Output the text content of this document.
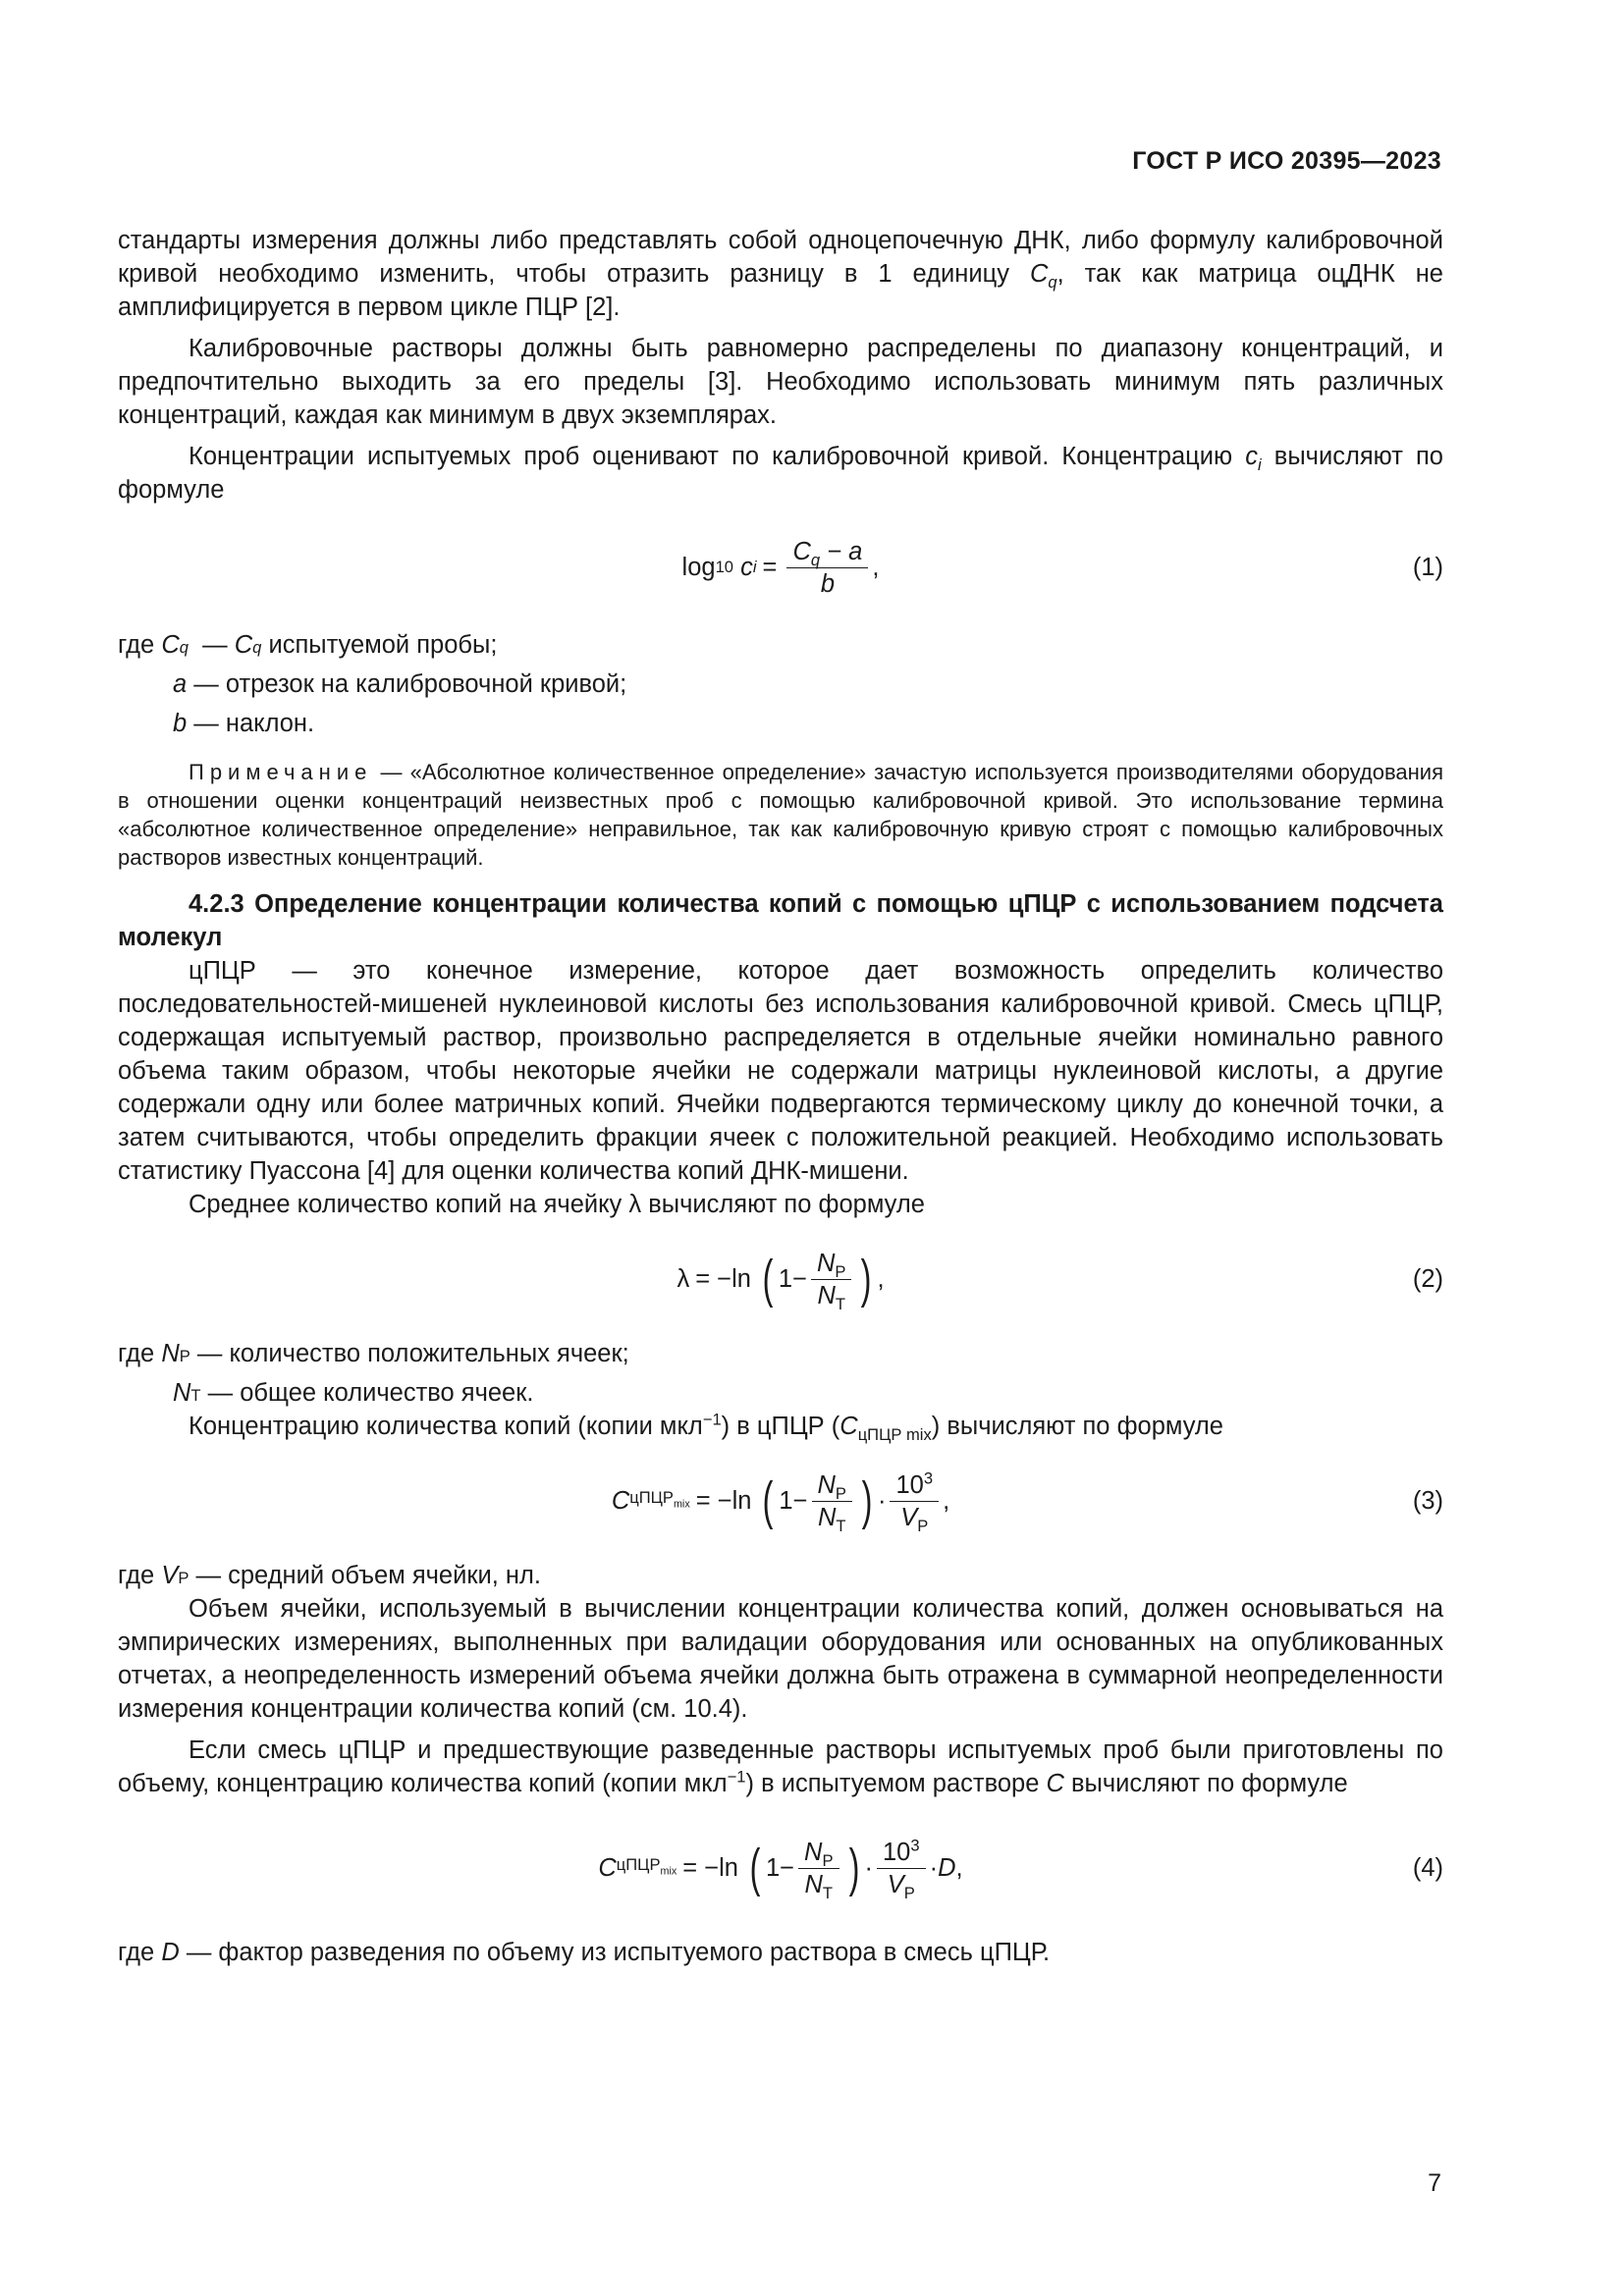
ГОСТ Р ИСО 20395—2023

стандарты измерения должны либо представлять собой одноцепочечную ДНК, либо формулу калибровочной кривой необходимо изменить, чтобы отразить разницу в 1 единицу $C_q$, так как матрица оцДНК не амплифицируется в первом цикле ПЦР [2].

Калибровочные растворы должны быть равномерно распределены по диапазону концентраций, и предпочтительно выходить за его пределы [3]. Необходимо использовать минимум пять различных концентраций, каждая как минимум в двух экземплярах.

Концентрации испытуемых проб оценивают по калибровочной кривой. Концентрацию $c_i$ вычисляют по формуле

log 10
c $i = \frac{C_q - a}{b}$ ,	(1)
где
C q
—
C q
испытуемой пробы;
a
—
отрезок на калибровочной кривой;
b
—
наклон.

Примечание — «Абсолютное количественное определение» зачастую используется производителями оборудования в отношении оценки концентраций неизвестных проб с помощью калибровочной кривой. Это использование термина «абсолютное количественное определение» неправильное, так как калибровочную кривую строят с помощью калибровочных растворов известных концентраций.

4.2.3 Определение концентрации количества копий с помощью цПЦР с использованием подсчета молекул

цПЦР — это конечное измерение, которое дает возможность определить количество последовательностей-мишеней нуклеиновой кислоты без использования калибровочной кривой. Смесь цПЦР, содержащая испытуемый раствор, произвольно распределяется в отдельные ячейки номинально равного объема таким образом, чтобы некоторые ячейки не содержали матрицы нуклеиновой кислоты, а другие содержали одну или более матричных копий. Ячейки подвергаются термическому циклу до конечной точки, а затем считываются, чтобы определить фракции ячеек с положительной реакцией. Необходимо использовать статистику Пуассона [4] для оценки количества копий ДНК-мишени.

Среднее количество копий на ячейку λ вычисляют по формуле

λ = −ln ( $1- \frac{N_P}{N_T}$ ) ,	(2)
где
N P
—
количество положительных ячеек;
N T
—
общее количество ячеек.

Концентрацию количества копий (копии мкл$^{-1}$) в цПЦР $(C_{цПЦР mix})$ вычисляют по формуле

C цПЦР$_{mix}$ = −ln ( $1- \frac{N_P}{N_T}$ ) · $\frac{10^3}{V_P}$ ,	(3)
где
V P
— средний объем ячейки, нл.

Объем ячейки, используемый в вычислении концентрации количества копий, должен основываться на эмпирических измерениях, выполненных при валидации оборудования или основанных на опубликованных отчетах, а неопределенность измерений объема ячейки должна быть отражена в суммарной неопределенности измерения концентрации количества копий (см. 10.4).

Если смесь цПЦР и предшествующие разведенные растворы испытуемых проб были приготовлены по объему, концентрацию количества копий (копии мкл$^{-1}$) в испытуемом растворе C вычисляют по формуле

C цПЦР$_{mix}$ = −ln ( $1- \frac{N_P}{N_T}$ ) · $\frac{10^3}{V_P} \cdot D$ ,	(4)
где
D
— фактор разведения по объему из испытуемого раствора в смесь цПЦР.
7
